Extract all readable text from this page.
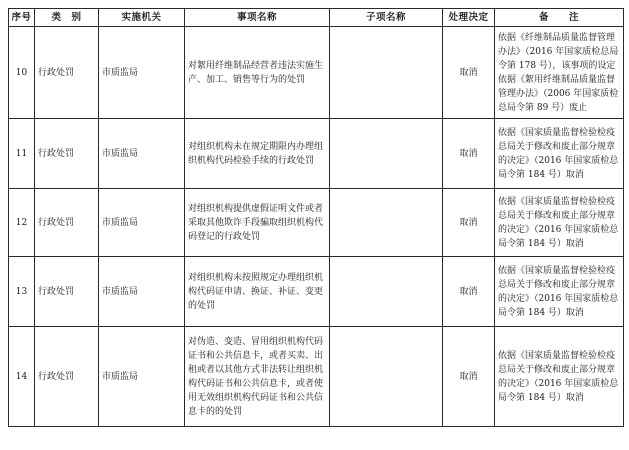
序号	类　别	实施机关	事项名称	子项名称	处理决定	备　　注
10	行政处罚	市质监局	对絮用纤维制品经营者违法实施生产、加工、销售等行为的处罚		取消	依据《纤维制品质量监督管理办法》（2016 年国家质检总局令第 178 号），该事项的设定依据《絮用纤维制品质量监督管理办法》（2006 年国家质检总局令第 89 号）废止
11	行政处罚	市质监局	对组织机构未在规定期限内办理组织机构代码检验手续的行政处罚		取消	依据《国家质量监督检验检疫总局关于修改和废止部分规章的决定》（2016 年国家质检总局令第 184 号）取消
12	行政处罚	市质监局	对组织机构提供虚假证明文件或者采取其他欺诈手段骗取组织机构代码登记的行政处罚		取消	依据《国家质量监督检验检疫总局关于修改和废止部分规章的决定》（2016 年国家质检总局令第 184 号）取消
13	行政处罚	市质监局	对组织机构未按照规定办理组织机构代码证申请、换证、补证、变更的处罚		取消	依据《国家质量监督检验检疫总局关于修改和废止部分规章的决定》（2016 年国家质检总局令第 184 号）取消
14	行政处罚	市质监局	对伪造、变造、冒用组织机构代码证书和公共信息卡，或者买卖、出租或者以其他方式非法转让组织机构代码证书和公共信息卡，或者使用无效组织机构代码证书和公共信息卡的的处罚		取消	依据《国家质量监督检验检疫总局关于修改和废止部分规章的决定》（2016 年国家质检总局令第 184 号）取消
